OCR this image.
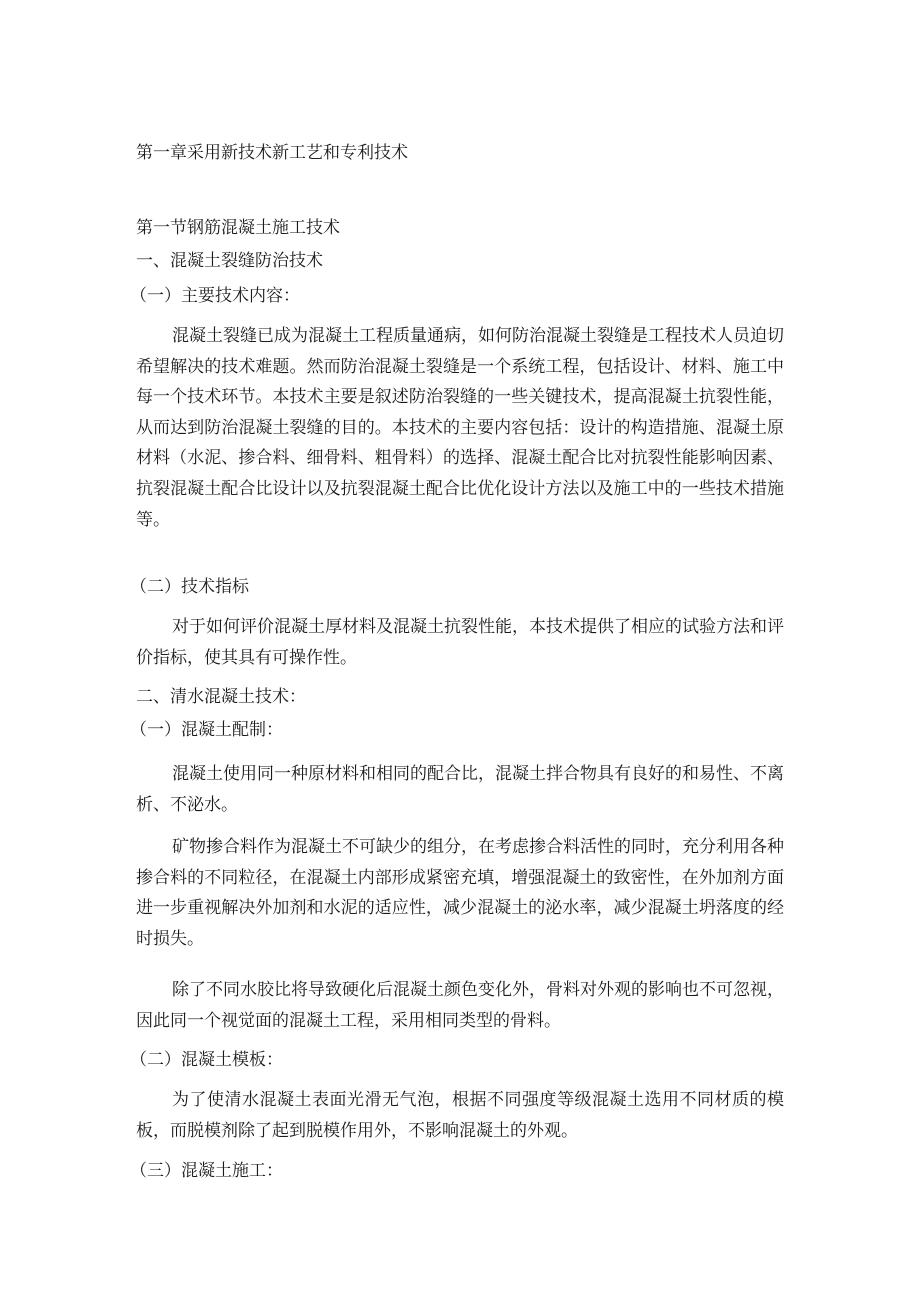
第一章采用新技术新工艺和专利技术
第一节钢筋混凝土施工技术
一、混凝土裂缝防治技术
（一）主要技术内容：

混凝土裂缝已成为混凝土工程质量通病，如何防治混凝土裂缝是工程技术人员迫切希望解决的技术难题。然而防治混凝土裂缝是一个系统工程，包括设计、材料、施工中每一个技术环节。本技术主要是叙述防治裂缝的一些关键技术，提高混凝土抗裂性能，从而达到防治混凝土裂缝的目的。本技术的主要内容包括：设计的构造措施、混凝土原材料（水泥、掺合料、细骨料、粗骨料）的选择、混凝土配合比对抗裂性能影响因素、抗裂混凝土配合比设计以及抗裂混凝土配合比优化设计方法以及施工中的一些技术措施等。

（二）技术指标

对于如何评价混凝土厚材料及混凝土抗裂性能，本技术提供了相应的试验方法和评价指标，使其具有可操作性。

二、清水混凝土技术：
（一）混凝土配制：

混凝土使用同一种原材料和相同的配合比，混凝土拌合物具有良好的和易性、不离析、不泌水。

矿物掺合料作为混凝土不可缺少的组分，在考虑掺合料活性的同时，充分利用各种掺合料的不同粒径，在混凝土内部形成紧密充填，增强混凝土的致密性，在外加剂方面进一步重视解决外加剂和水泥的适应性，减少混凝土的泌水率，减少混凝土坍落度的经时损失。

除了不同水胶比将导致硬化后混凝土颜色变化外，骨料对外观的影响也不可忽视，因此同一个视觉面的混凝土工程，采用相同类型的骨料。

（二）混凝土模板：

为了使清水混凝土表面光滑无气泡，根据不同强度等级混凝土选用不同材质的模板，而脱模剂除了起到脱模作用外，不影响混凝土的外观。

（三）混凝土施工：
